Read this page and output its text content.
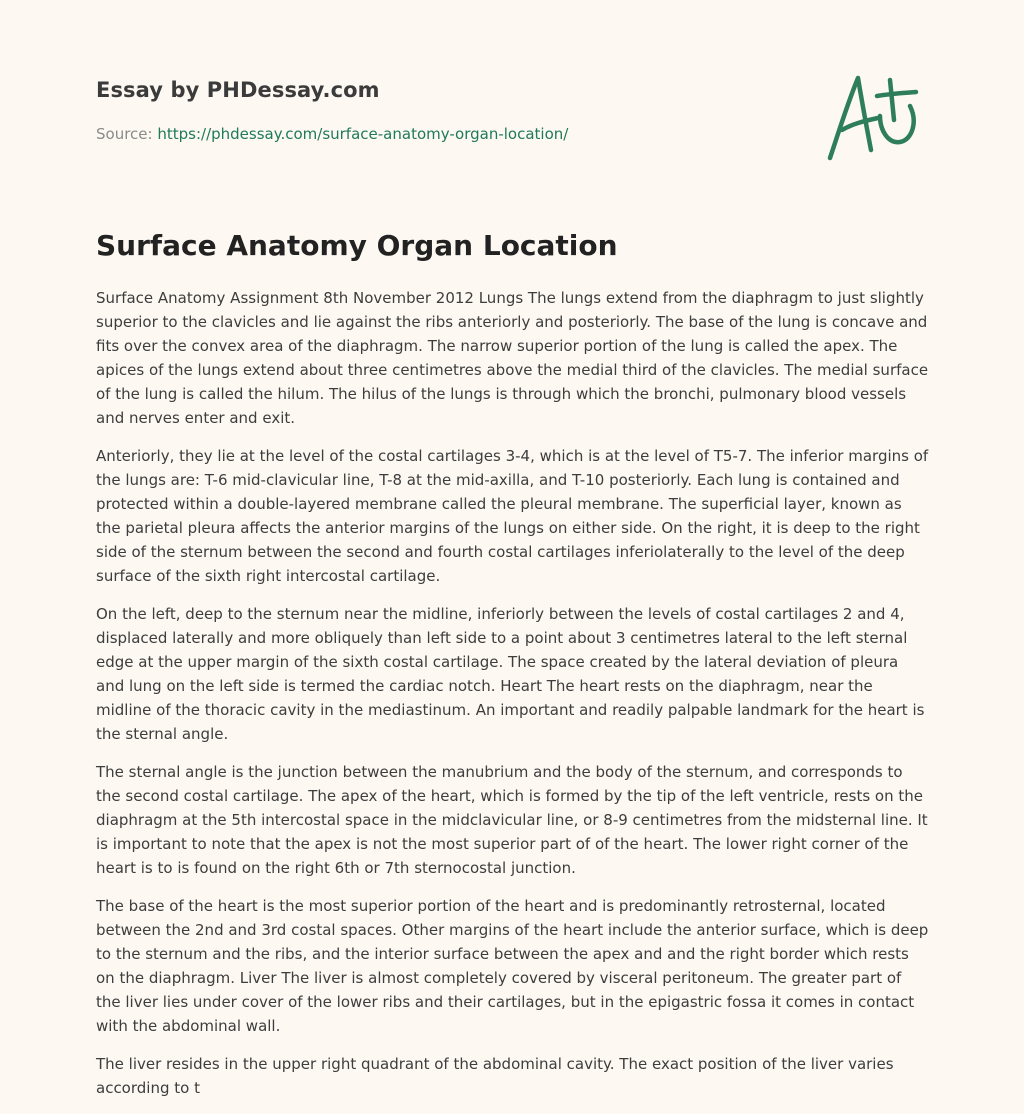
Essay by PHDessay.com
Source: https://phdessay.com/surface-anatomy-organ-location/
Surface Anatomy Organ Location

Surface Anatomy Assignment 8th November 2012 Lungs The lungs extend from the diaphragm to just slightly superior to the clavicles and lie against the ribs anteriorly and posteriorly. The base of the lung is concave and fits over the convex area of the diaphragm. The narrow superior portion of the lung is called the apex. The apices of the lungs extend about three centimetres above the medial third of the clavicles. The medial surface of the lung is called the hilum. The hilus of the lungs is through which the bronchi, pulmonary blood vessels and nerves enter and exit.

Anteriorly, they lie at the level of the costal cartilages 3-4, which is at the level of T5-7. The inferior margins of the lungs are: T-6 mid-clavicular line, T-8 at the mid-axilla, and T-10 posteriorly. Each lung is contained and protected within a double-layered membrane called the pleural membrane. The superficial layer, known as the parietal pleura affects the anterior margins of the lungs on either side. On the right, it is deep to the right side of the sternum between the second and fourth costal cartilages inferiolaterally to the level of the deep surface of the sixth right intercostal cartilage.

On the left, deep to the sternum near the midline, inferiorly between the levels of costal cartilages 2 and 4, displaced laterally and more obliquely than left side to a point about 3 centimetres lateral to the left sternal edge at the upper margin of the sixth costal cartilage. The space created by the lateral deviation of pleura and lung on the left side is termed the cardiac notch. Heart The heart rests on the diaphragm, near the midline of the thoracic cavity in the mediastinum. An important and readily palpable landmark for the heart is the sternal angle.

The sternal angle is the junction between the manubrium and the body of the sternum, and corresponds to the second costal cartilage. The apex of the heart, which is formed by the tip of the left ventricle, rests on the diaphragm at the 5th intercostal space in the midclavicular line, or 8-9 centimetres from the midsternal line. It is important to note that the apex is not the most superior part of of the heart. The lower right corner of the heart is to is found on the right 6th or 7th sternocostal junction.

The base of the heart is the most superior portion of the heart and is predominantly retrosternal, located between the 2nd and 3rd costal spaces. Other margins of the heart include the anterior surface, which is deep to the sternum and the ribs, and the interior surface between the apex and and the right border which rests on the diaphragm. Liver The liver is almost completely covered by visceral peritoneum. The greater part of the liver lies under cover of the lower ribs and their cartilages, but in the epigastric fossa it comes in contact with the abdominal wall.

The liver resides in the upper right quadrant of the abdominal cavity. The exact position of the liver varies according to t
